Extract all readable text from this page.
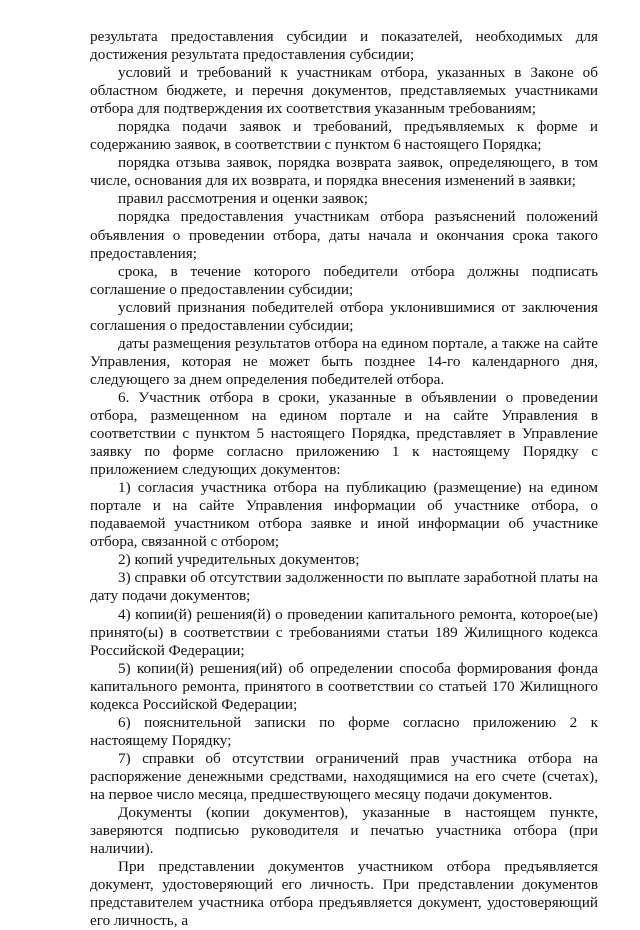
результата предоставления субсидии и показателей, необходимых для достижения результата предоставления субсидии;

условий и требований к участникам отбора, указанных в Законе об областном бюджете, и перечня документов, представляемых участниками отбора для подтверждения их соответствия указанным требованиям;

порядка подачи заявок и требований, предъявляемых к форме и содержанию заявок, в соответствии с пунктом 6 настоящего Порядка;

порядка отзыва заявок, порядка возврата заявок, определяющего, в том числе, основания для их возврата, и порядка внесения изменений в заявки;

правил рассмотрения и оценки заявок;

порядка предоставления участникам отбора разъяснений положений объявления о проведении отбора, даты начала и окончания срока такого предоставления;

срока, в течение которого победители отбора должны подписать соглашение о предоставлении субсидии;

условий признания победителей отбора уклонившимися от заключения соглашения о предоставлении субсидии;

даты размещения результатов отбора на едином портале, а также на сайте Управления, которая не может быть позднее 14-го календарного дня, следующего за днем определения победителей отбора.

6. Участник отбора в сроки, указанные в объявлении о проведении отбора, размещенном на едином портале и на сайте Управления в соответствии с пунктом 5 настоящего Порядка, представляет в Управление заявку по форме согласно приложению 1 к настоящему Порядку с приложением следующих документов:

1) согласия участника отбора на публикацию (размещение) на едином портале и на сайте Управления информации об участнике отбора, о подаваемой участником отбора заявке и иной информации об участнике отбора, связанной с отбором;

2) копий учредительных документов;

3) справки об отсутствии задолженности по выплате заработной платы на дату подачи документов;

4) копии(й) решения(й) о проведении капитального ремонта, которое(ые) принято(ы) в соответствии с требованиями статьи 189 Жилищного кодекса Российской Федерации;

5) копии(й) решения(ий) об определении способа формирования фонда капитального ремонта, принятого в соответствии со статьей 170 Жилищного кодекса Российской Федерации;

6) пояснительной записки по форме согласно приложению 2 к настоящему Порядку;

7) справки об отсутствии ограничений прав участника отбора на распоряжение денежными средствами, находящимися на его счете (счетах), на первое число месяца, предшествующего месяцу подачи документов.

Документы (копии документов), указанные в настоящем пункте, заверяются подписью руководителя и печатью участника отбора (при наличии).

При представлении документов участником отбора предъявляется документ, удостоверяющий его личность. При представлении документов представителем участника отбора предъявляется документ, удостоверяющий его личность, а
